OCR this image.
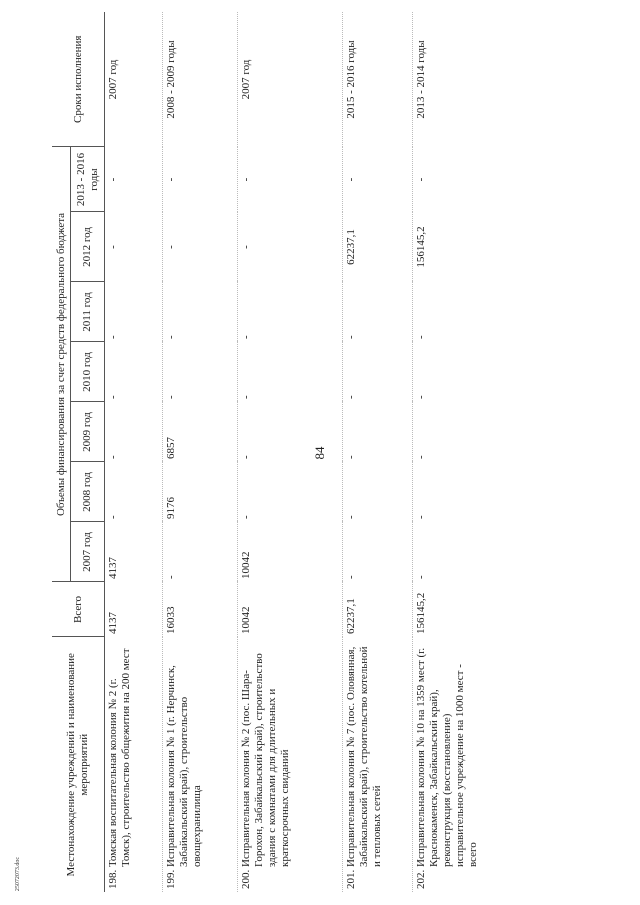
84
25072073.doc	Местонахождение учреждений и наименование мероприятий	Всего	Объемы финансирования за счет средств федерального бюджета							Сроки исполнения
		2007 год	2008 год	2009 год	2010 год	2011 год	2012 год	2013 - 2016 годы	
198.Томская воспитательная колония № 2 (г. Томск), строительство общежития на 200 мест	4137	4137	-	-	-	-	-	-	2007 год
199.Исправительная колония № 1 (г. Нерчинск, Забайкальский край), строительство овощехранилища	16033	-	9176	6857	-	-	-	-	2008 - 2009 годы
200.Исправительная колония № 2 (пос. Шара-Горохон, Забайкальский край), строительство здания с комнатами для длительных и краткосрочных свиданий	10042	10042	-	-	-	-	-	-	2007 год
201.Исправительная колония № 7 (пос. Оловянная, Забайкальский край), строительство котельной и тепловых сетей	62237,1	-	-	-	-	-	62237,1	-	2015 - 2016 годы
202.Исправительная колония № 10 на 1359 мест (г. Краснокаменск, Забайкальский край), реконструкция (восстановление) исправительное учреждение на 1000 мест - всего	156145,2	-	-	-	-	-	156145,2	-	2013 - 2014 годы
